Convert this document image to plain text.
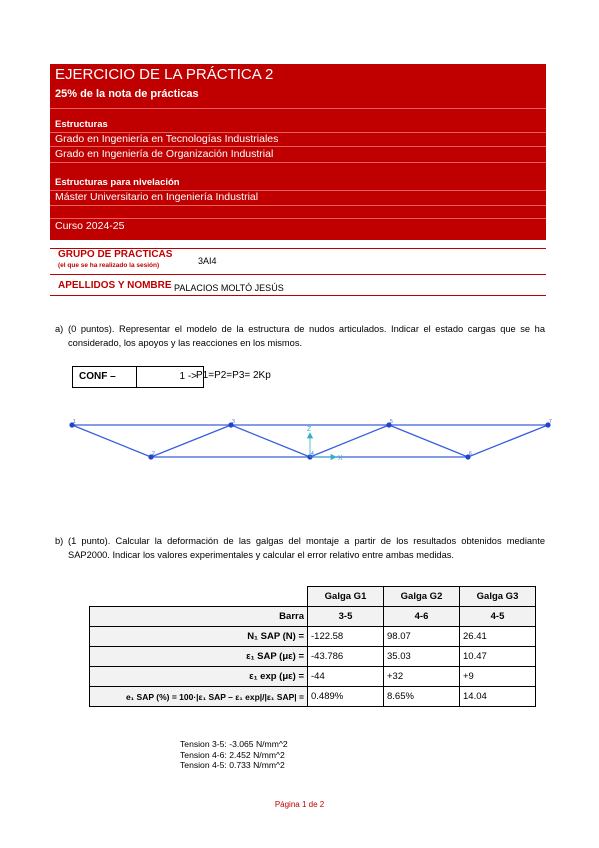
EJERCICIO DE LA PRÁCTICA 2
25% de la nota de prácticas
Estructuras
Grado en Ingeniería en Tecnologías Industriales
Grado en Ingeniería de Organización Industrial
Estructuras para nivelación
Máster Universitario en Ingeniería Industrial
Curso 2024-25
GRUPO DE PRÁCTICAS
(el que se ha realizado la sesión)	3AI4
APELLIDOS Y NOMBRE PALACIOS MOLTÓ JESÚS
a) (0 puntos). Representar el modelo de la estructura de nudos articulados. Indicar el estado cargas que se ha considerado, los apoyos y las reacciones en los mismos.
CONF –	1 -> P1=P2=P3= 2Kp
1	3	5	7
2	4	6
Z
X
b) (1 punto). Calcular la deformación de las galgas del montaje a partir de los resultados obtenidos mediante SAP2000. Indicar los valores experimentales y calcular el error relativo entre ambas medidas.
	Galga G1	Galga G2	Galga G3
Barra	3-5	4-6	4-5
N₁ SAP (N) =	-122.58	98.07	26.41
ε₁ SAP (με) =	-43.786	35.03	10.47
ε₁ exp (με) =	-44	+32	+9
e₁ SAP (%) = 100·|ε₁ SAP – ε₁ exp|/|ε₁ SAP| =	0.489%	8.65%	14.04
Tension 3-5: -3.065 N/mm^2
Tension 4-6: 2.452 N/mm^2
Tension 4-5: 0.733 N/mm^2
Página 1 de 2
